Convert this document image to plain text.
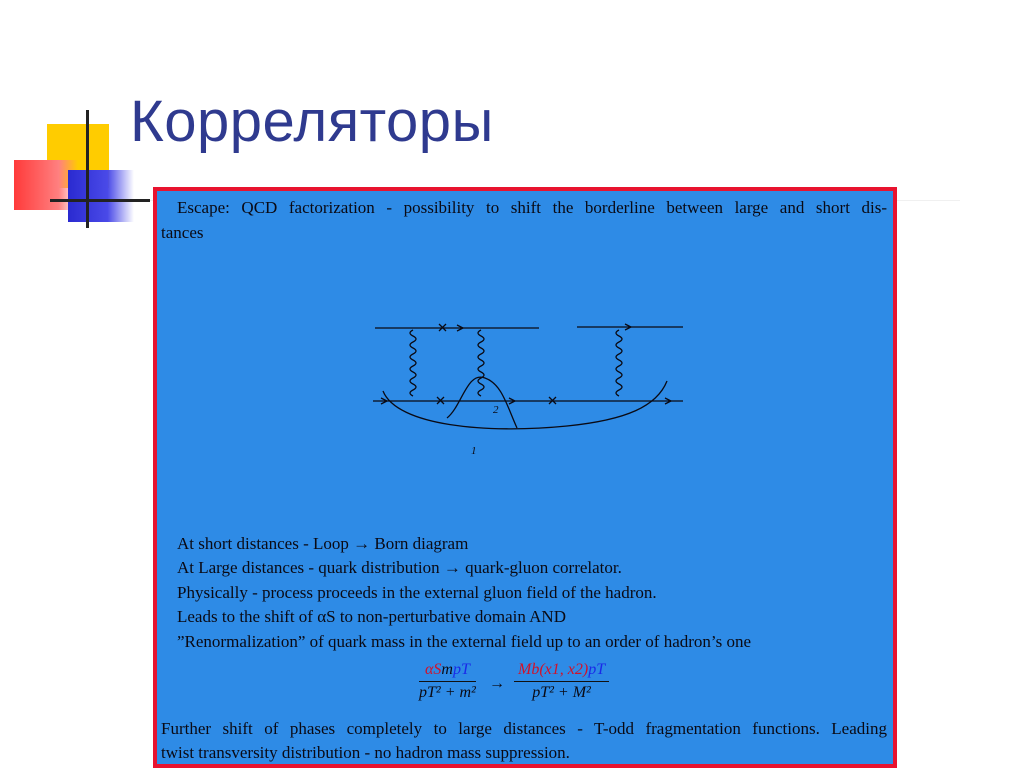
Корреляторы
Escape: QCD factorization - possibility to shift the borderline between large and short dis-
tances
2
1
At short distances - Loop → Born diagram
At Large distances - quark distribution → quark-gluon correlator.
Physically - process proceeds in the external gluon field of the hadron.
Leads to the shift of αS to non-perturbative domain AND
”Renormalization” of quark mass in the external field up to an order of hadron’s one
αSmpT
pT² + m²
→ $\frac{Mb(x1, x2)pT}{\text{pT² + M²}}$
Further shift of phases completely to large distances - T-odd fragmentation functions. Leading
twist transversity distribution - no hadron mass suppression.
